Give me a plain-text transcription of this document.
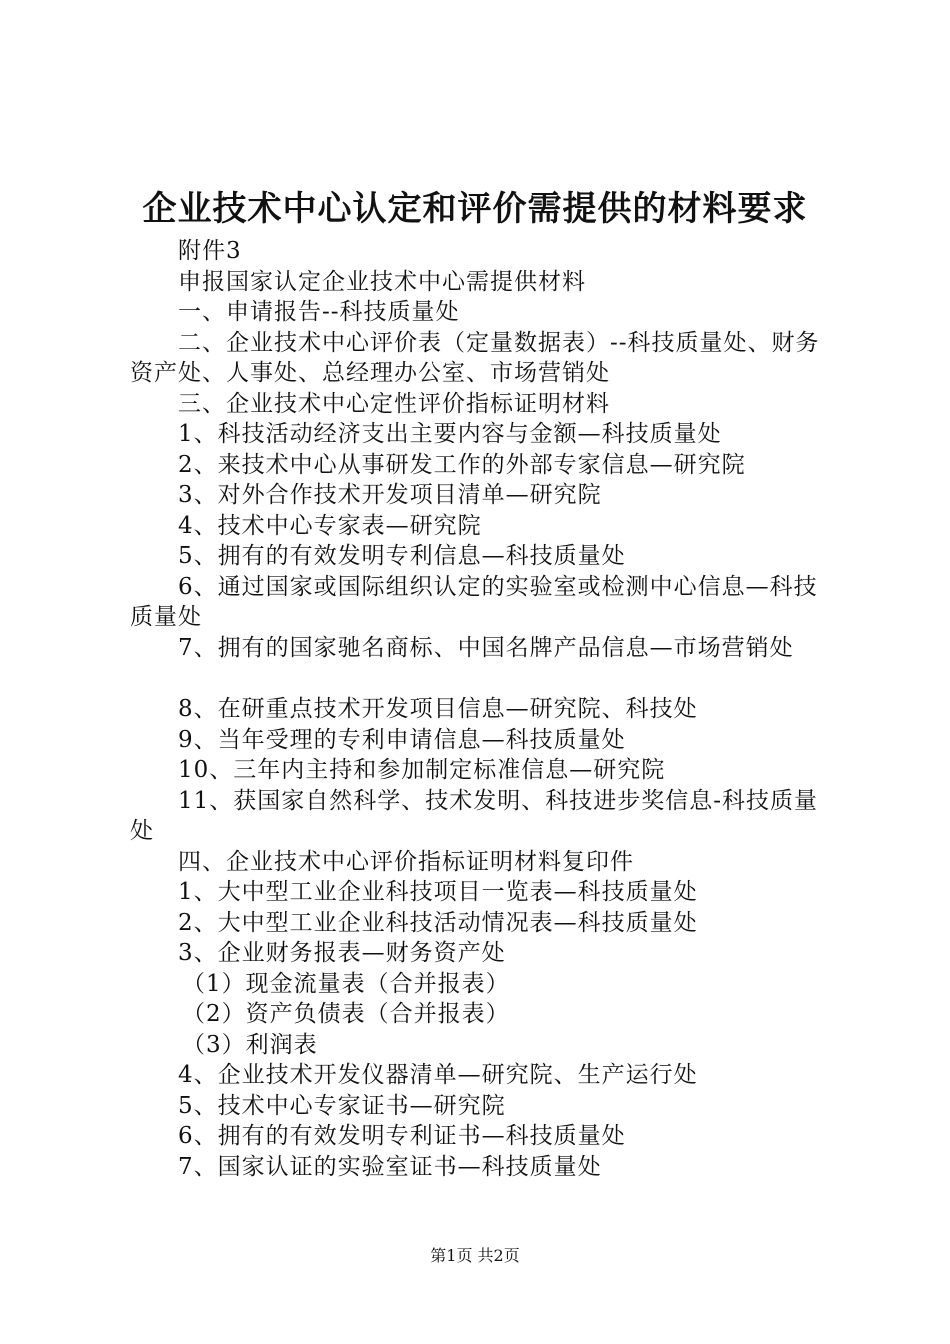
企业技术中心认定和评价需提供的材料要求

附件3

申报国家认定企业技术中心需提供材料

一、申请报告--科技质量处

二、企业技术中心评价表（定量数据表）--科技质量处、财务资产处、人事处、总经理办公室、市场营销处

三、企业技术中心定性评价指标证明材料

1、科技活动经济支出主要内容与金额—科技质量处

2、来技术中心从事研发工作的外部专家信息—研究院

3、对外合作技术开发项目清单—研究院

4、技术中心专家表—研究院

5、拥有的有效发明专利信息—科技质量处

6、通过国家或国际组织认定的实验室或检测中心信息—科技质量处

7、拥有的国家驰名商标、中国名牌产品信息—市场营销处

8、在研重点技术开发项目信息—研究院、科技处

9、当年受理的专利申请信息—科技质量处

10、三年内主持和参加制定标准信息—研究院

11、获国家自然科学、技术发明、科技进步奖信息-科技质量处

四、企业技术中心评价指标证明材料复印件

1、大中型工业企业科技项目一览表—科技质量处

2、大中型工业企业科技活动情况表—科技质量处

3、企业财务报表—财务资产处

（1）现金流量表（合并报表）

（2）资产负债表（合并报表）

（3）利润表

4、企业技术开发仪器清单—研究院、生产运行处

5、技术中心专家证书—研究院

6、拥有的有效发明专利证书—科技质量处

7、国家认证的实验室证书—科技质量处

第1页 共2页
